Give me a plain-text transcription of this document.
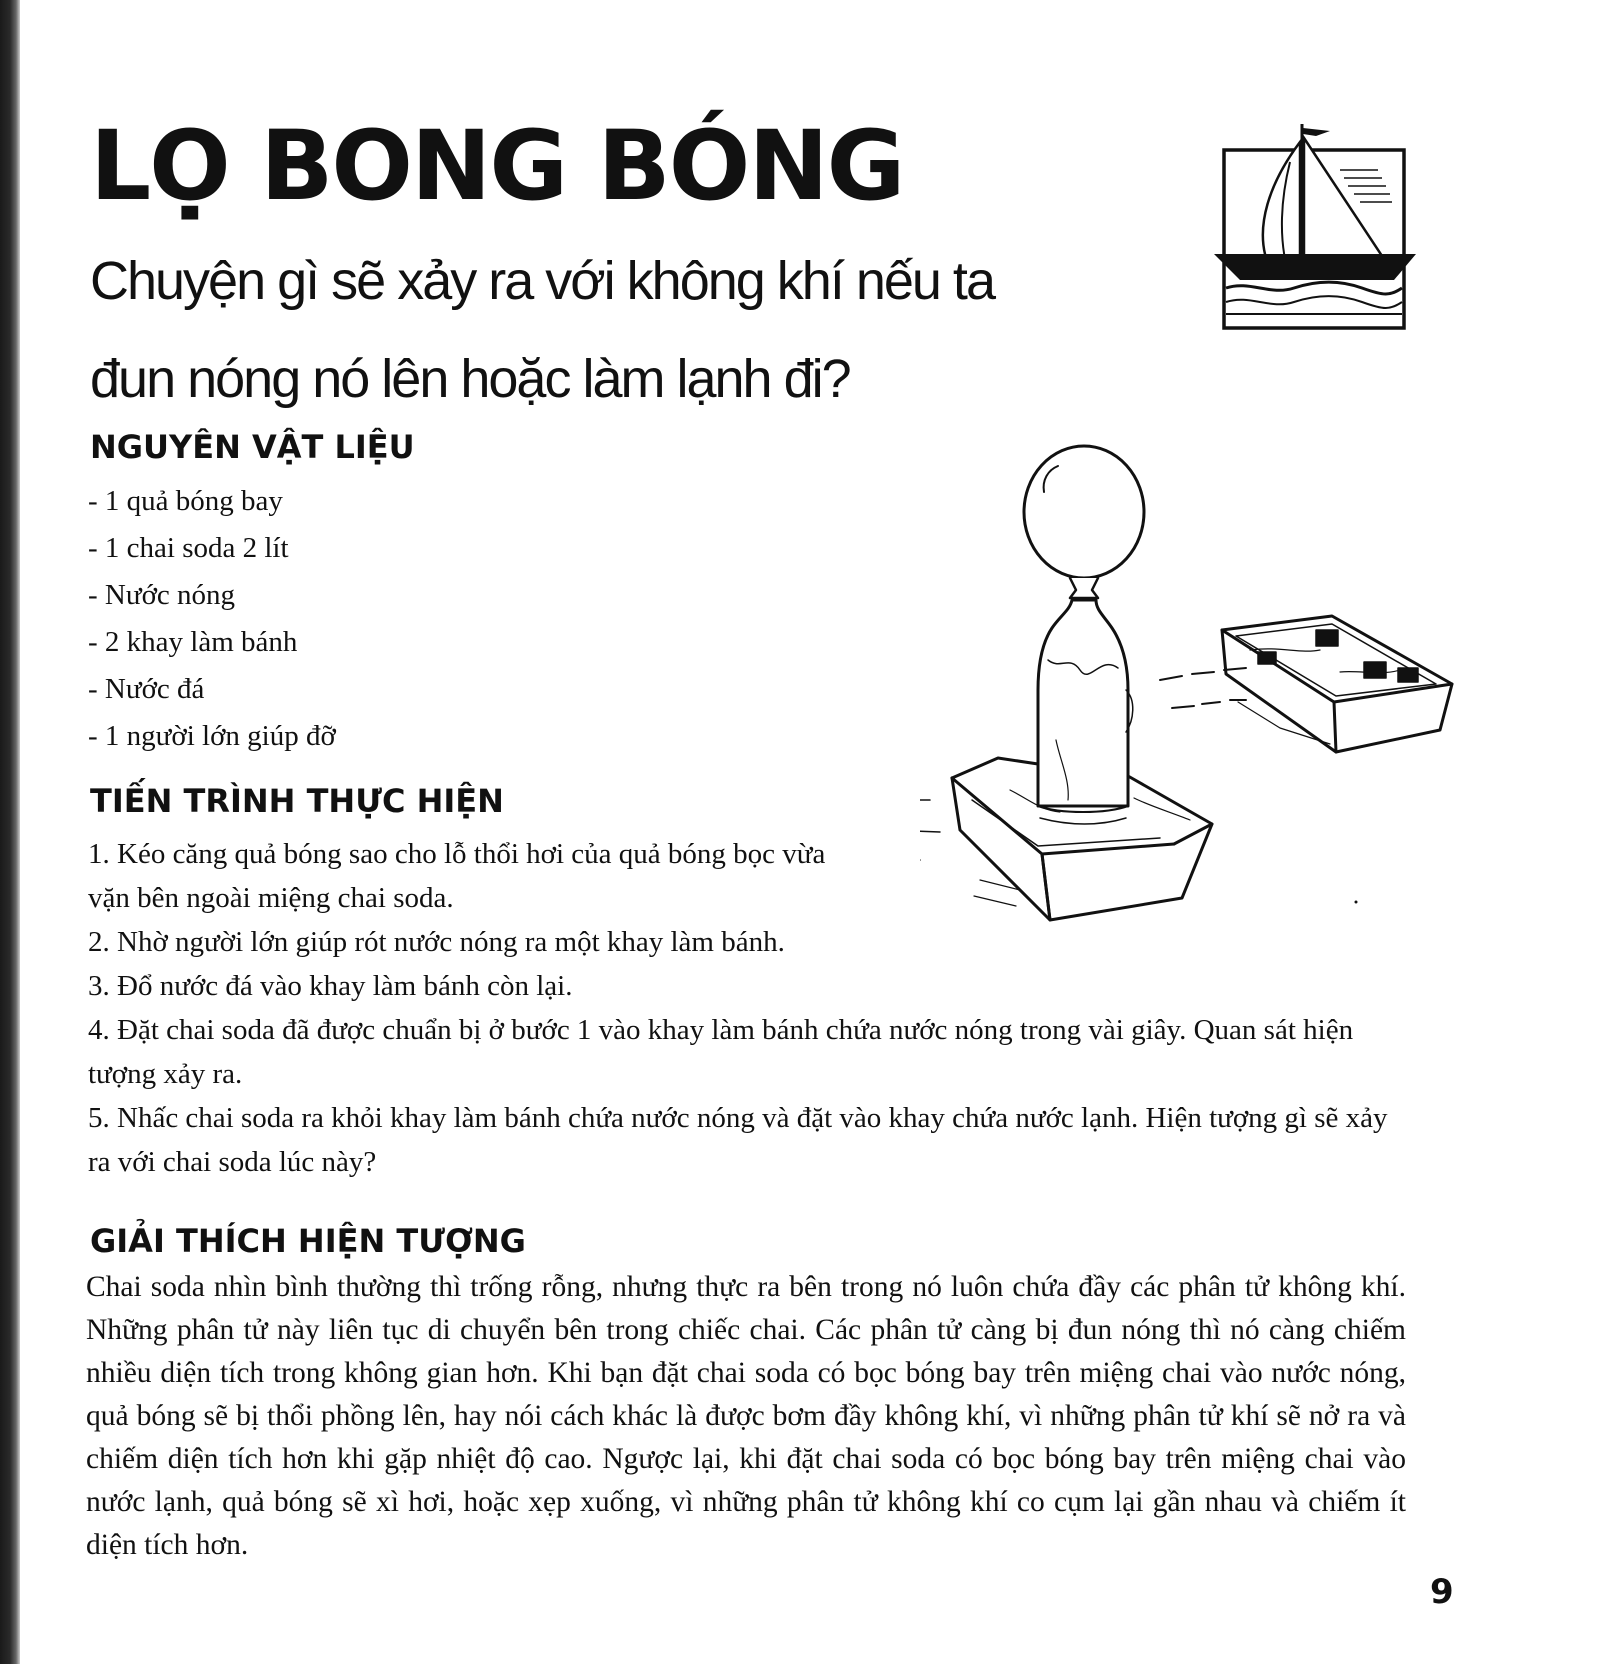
LỌ BONG BÓNG
Chuyện gì sẽ xảy ra với không khí nếu ta đun nóng nó lên hoặc làm lạnh đi?
NGUYÊN VẬT LIỆU
- 1 quả bóng bay
- 1 chai soda 2 lít
- Nước nóng
- 2 khay làm bánh
- Nước đá
- 1 người lớn giúp đỡ
TIẾN TRÌNH THỰC HIỆN
1. Kéo căng quả bóng sao cho lỗ thổi hơi của quả bóng bọc vừa vặn bên ngoài miệng chai soda.
2. Nhờ người lớn giúp rót nước nóng ra một khay làm bánh.
3. Đổ nước đá vào khay làm bánh còn lại.
4. Đặt chai soda đã được chuẩn bị ở bước 1 vào khay làm bánh chứa nước nóng trong vài giây. Quan sát hiện tượng xảy ra.
5. Nhấc chai soda ra khỏi khay làm bánh chứa nước nóng và đặt vào khay chứa nước lạnh. Hiện tượng gì sẽ xảy ra với chai soda lúc này?
GIẢI THÍCH HIỆN TƯỢNG

Chai soda nhìn bình thường thì trống rỗng, nhưng thực ra bên trong nó luôn chứa đầy các phân tử không khí. Những phân tử này liên tục di chuyển bên trong chiếc chai. Các phân tử càng bị đun nóng thì nó càng chiếm nhiều diện tích trong không gian hơn. Khi bạn đặt chai soda có bọc bóng bay trên miệng chai vào nước nóng, quả bóng sẽ bị thổi phồng lên, hay nói cách khác là được bơm đầy không khí, vì những phân tử khí sẽ nở ra và chiếm diện tích hơn khi gặp nhiệt độ cao. Ngược lại, khi đặt chai soda có bọc bóng bay trên miệng chai vào nước lạnh, quả bóng sẽ xì hơi, hoặc xẹp xuống, vì những phân tử không khí co cụm lại gần nhau và chiếm ít diện tích hơn.

9
